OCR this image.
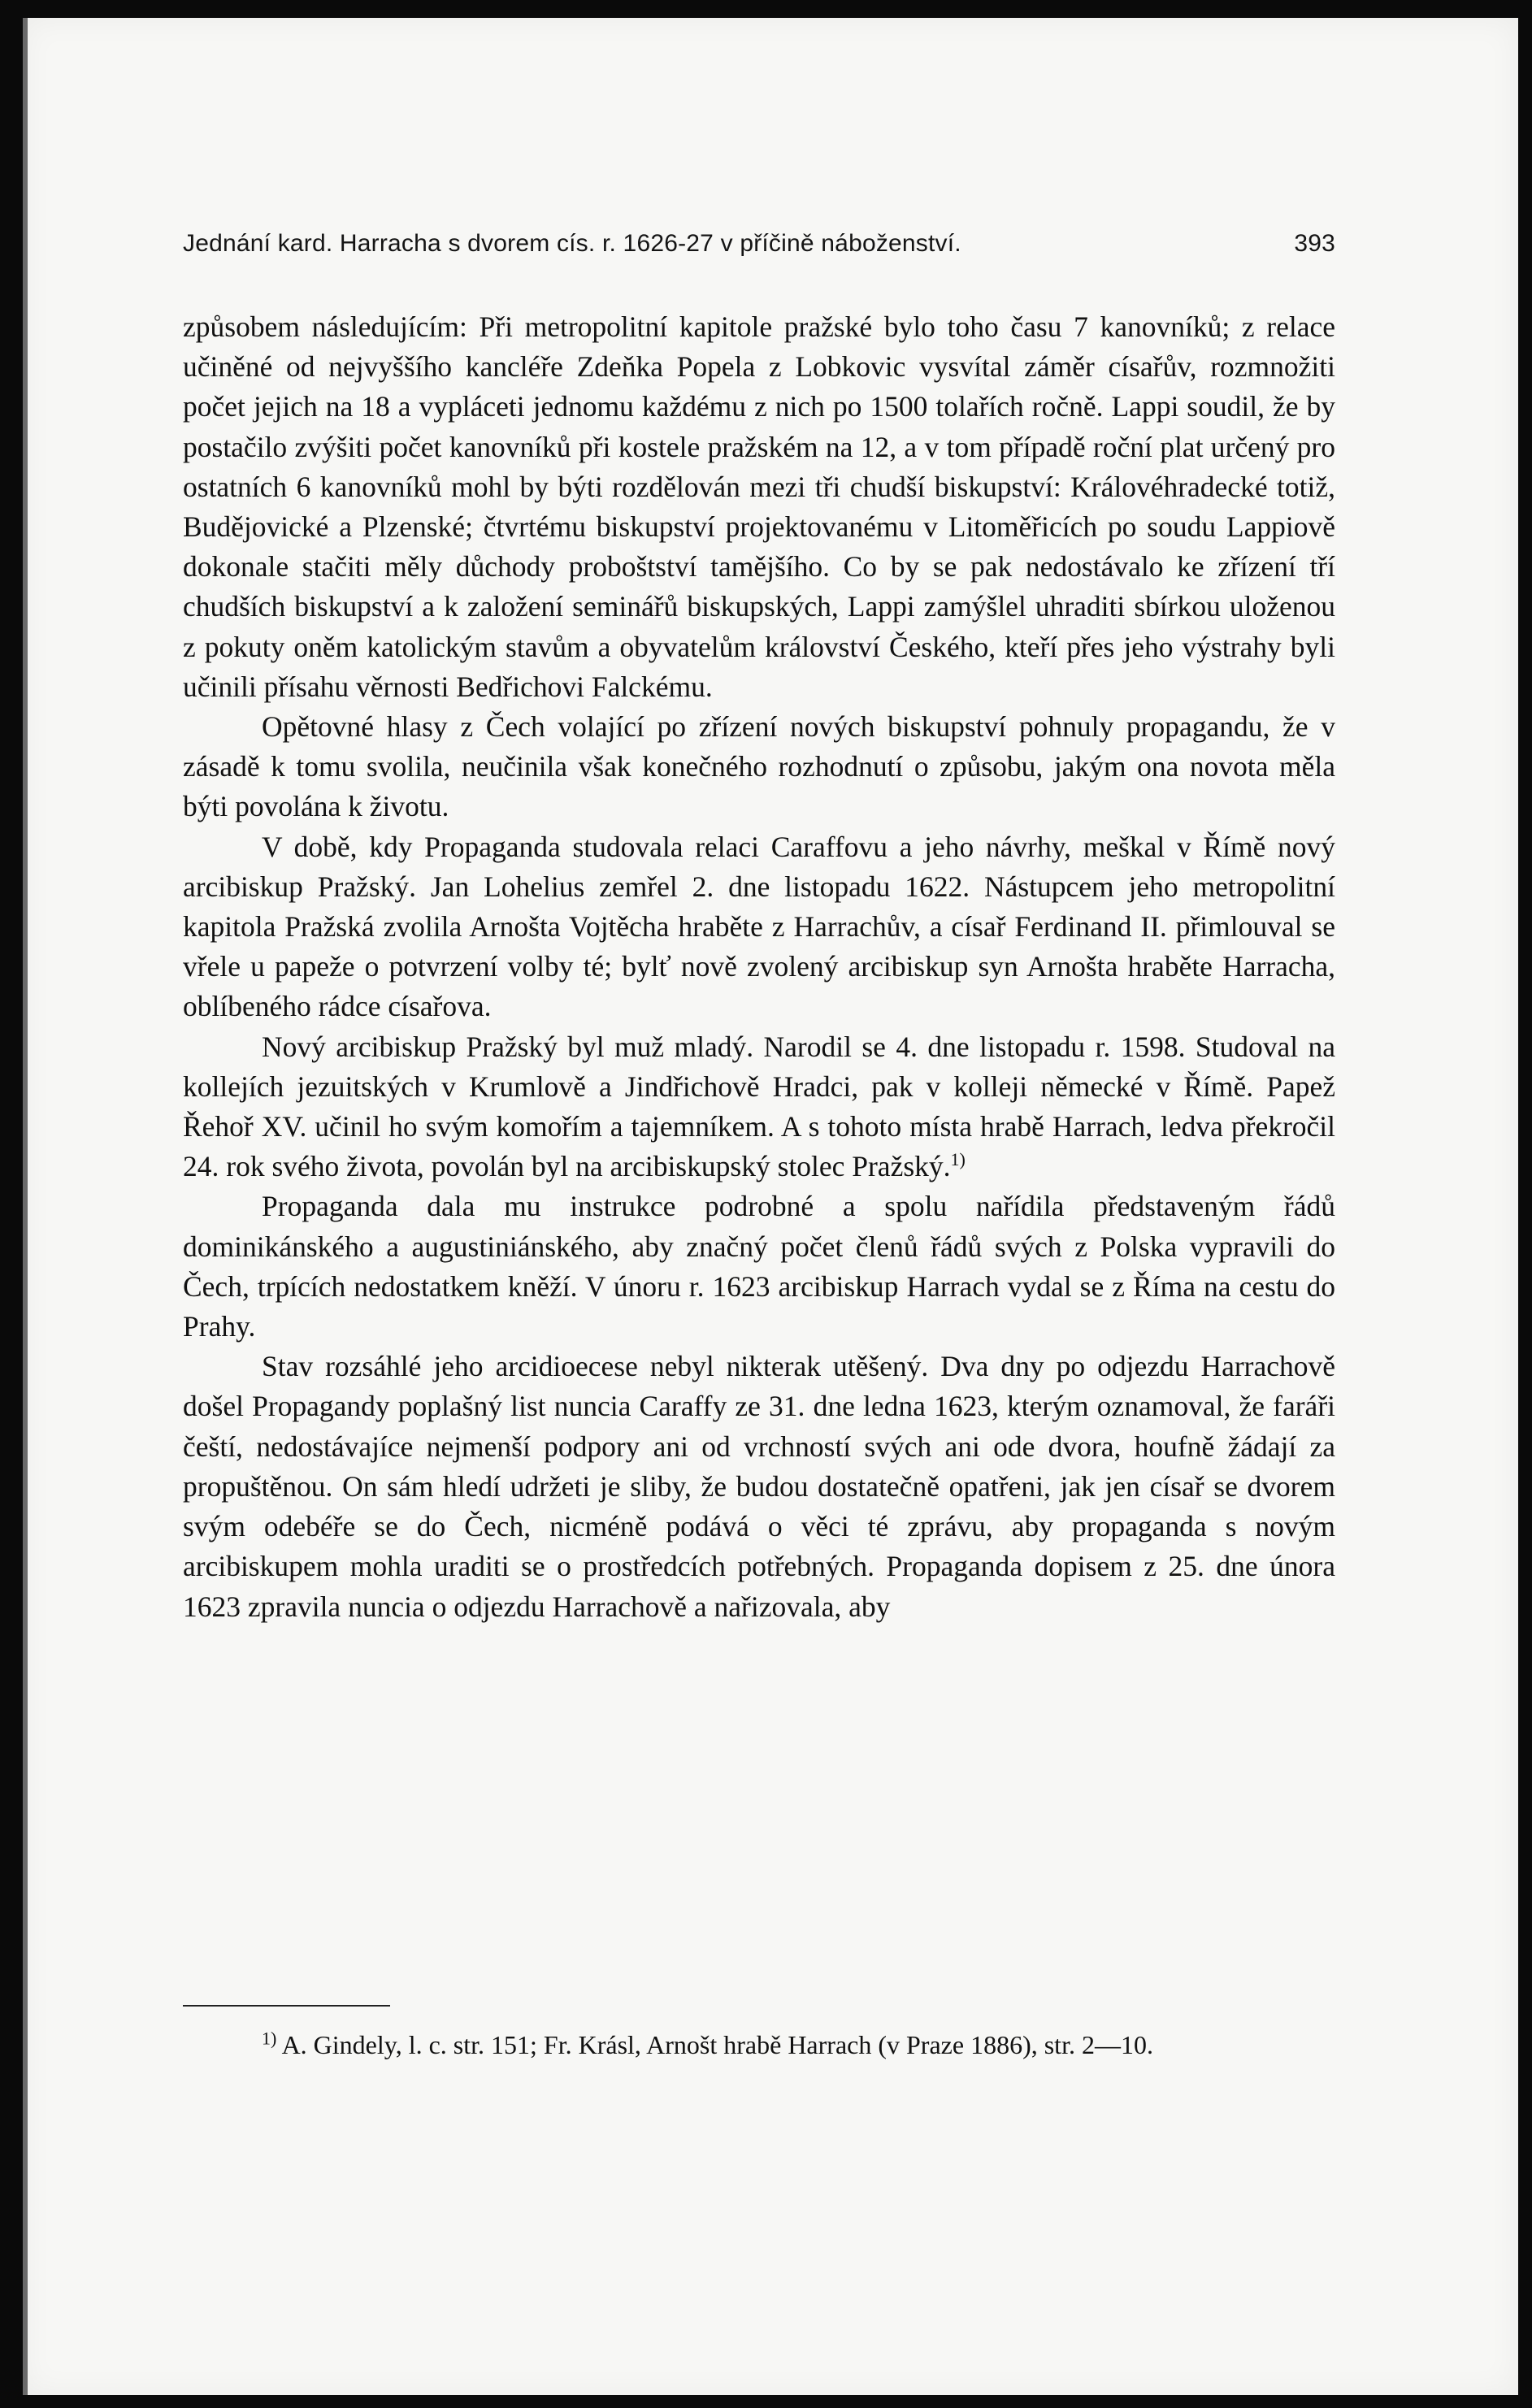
Jednání kard. Harracha s dvorem cís. r. 1626-27 v příčině náboženství.	393

způsobem následujícím: Při metropolitní kapitole pražské bylo toho času 7 kanovníků; z relace učiněné od nejvyššího kancléře Zdeňka Popela z Lobkovic vysvítal záměr císařův, rozmnožiti počet jejich na 18 a vypláceti jednomu každému z nich po 1500 tolařích ročně. Lappi soudil, že by postačilo zvýšiti počet kanovníků při kostele pražském na 12, a v tom případě roční plat určený pro ostatních 6 kanovníků mohl by býti rozdělován mezi tři chudší biskupství: Královéhradecké totiž, Budějovické a Plzenské; čtvrtému biskupství projektovanému v Litoměřicích po soudu Lappiově dokonale stačiti měly důchody proboštství tamějšího. Co by se pak nedostávalo ke zřízení tří chudších biskupství a k založení seminářů biskupských, Lappi zamýšlel uhraditi sbírkou uloženou z pokuty oněm katolickým stavům a obyvatelům království Českého, kteří přes jeho výstrahy byli učinili přísahu věrnosti Bedřichovi Falckému.

Opětovné hlasy z Čech volající po zřízení nových biskupství pohnuly propagandu, že v zásadě k tomu svolila, neučinila však konečného rozhodnutí o způsobu, jakým ona novota měla býti povolána k životu.

V době, kdy Propaganda studovala relaci Caraffovu a jeho návrhy, meškal v Římě nový arcibiskup Pražský. Jan Lohelius zemřel 2. dne listopadu 1622. Nástupcem jeho metropolitní kapitola Pražská zvolila Arnošta Vojtěcha hraběte z Harrachův, a císař Ferdinand II. přimlouval se vřele u papeže o potvrzení volby té; bylť nově zvolený arcibiskup syn Arnošta hraběte Harracha, oblíbeného rádce císařova.

Nový arcibiskup Pražský byl muž mladý. Narodil se 4. dne listopadu r. 1598. Studoval na kollejích jezuitských v Krumlově a Jindřichově Hradci, pak v kolleji německé v Římě. Papež Řehoř XV. učinil ho svým komořím a tajemníkem. A s tohoto místa hrabě Harrach, ledva překročil 24. rok svého života, povolán byl na arcibiskupský stolec Pražský.$^{1)}$

Propaganda dala mu instrukce podrobné a spolu nařídila představeným řádů dominikánského a augustiniánského, aby značný počet členů řádů svých z Polska vypravili do Čech, trpících nedostatkem kněží. V únoru r. 1623 arcibiskup Harrach vydal se z Říma na cestu do Prahy.

Stav rozsáhlé jeho arcidioecese nebyl nikterak utěšený. Dva dny po odjezdu Harrachově došel Propagandy poplašný list nuncia Caraffy ze 31. dne ledna 1623, kterým oznamoval, že faráři čeští, nedostávajíce nejmenší podpory ani od vrchností svých ani ode dvora, houfně žádají za propuštěnou. On sám hledí udržeti je sliby, že budou dostatečně opatřeni, jak jen císař se dvorem svým odebéře se do Čech, nicméně podává o věci té zprávu, aby propaganda s novým arcibiskupem mohla uraditi se o prostředcích potřebných. Propaganda dopisem z 25. dne února 1623 zpravila nuncia o odjezdu Harrachově a nařizovala, aby

$^{1)}$ A. Gindely, l. c. str. 151; Fr. Krásl, Arnošt hrabě Harrach (v Praze 1886), str. 2—10.
